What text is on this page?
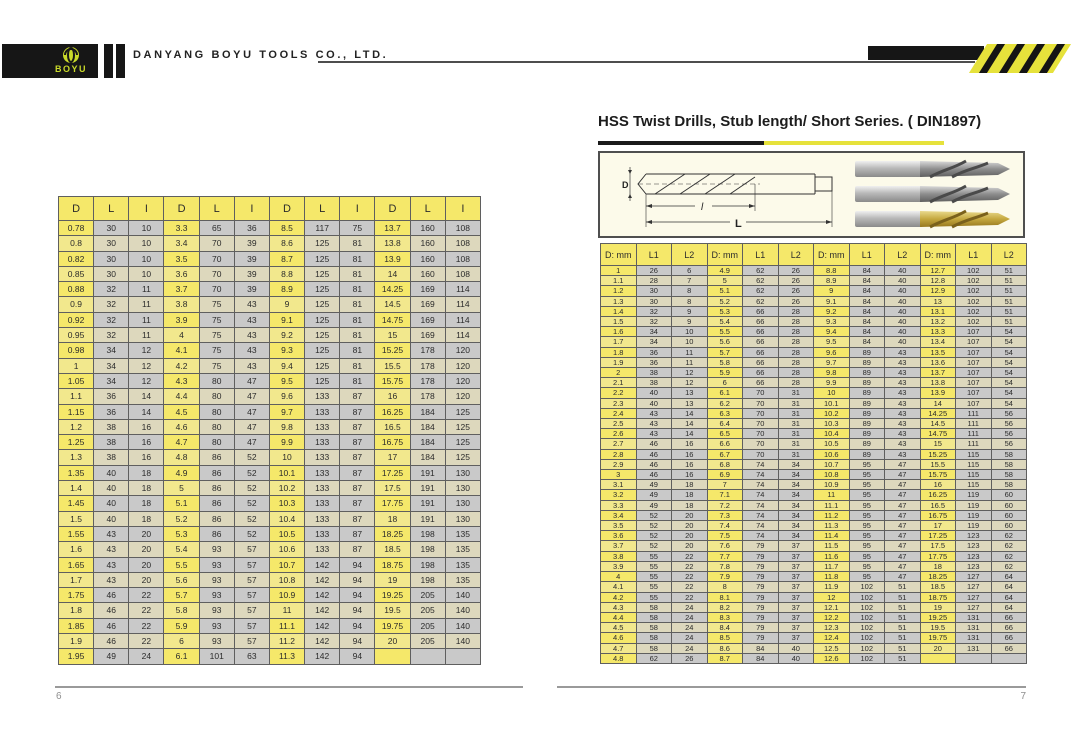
BOYU
DANYANG BOYU TOOLS CO., LTD.
HSS Twist Drills, Stub length/ Short Series. ( DIN1897)
D
l
L
D	L	I	D	L	I	D	L	I	D	L	I
0.78	30	10	3.3	65	36	8.5	117	75	13.7	160	108
0.8	30	10	3.4	70	39	8.6	125	81	13.8	160	108
0.82	30	10	3.5	70	39	8.7	125	81	13.9	160	108
0.85	30	10	3.6	70	39	8.8	125	81	14	160	108
0.88	32	11	3.7	70	39	8.9	125	81	14.25	169	114
0.9	32	11	3.8	75	43	9	125	81	14.5	169	114
0.92	32	11	3.9	75	43	9.1	125	81	14.75	169	114
0.95	32	11	4	75	43	9.2	125	81	15	169	114
0.98	34	12	4.1	75	43	9.3	125	81	15.25	178	120
1	34	12	4.2	75	43	9.4	125	81	15.5	178	120
1.05	34	12	4.3	80	47	9.5	125	81	15.75	178	120
1.1	36	14	4.4	80	47	9.6	133	87	16	178	120
1.15	36	14	4.5	80	47	9.7	133	87	16.25	184	125
1.2	38	16	4.6	80	47	9.8	133	87	16.5	184	125
1.25	38	16	4.7	80	47	9.9	133	87	16.75	184	125
1.3	38	16	4.8	86	52	10	133	87	17	184	125
1.35	40	18	4.9	86	52	10.1	133	87	17.25	191	130
1.4	40	18	5	86	52	10.2	133	87	17.5	191	130
1.45	40	18	5.1	86	52	10.3	133	87	17.75	191	130
1.5	40	18	5.2	86	52	10.4	133	87	18	191	130
1.55	43	20	5.3	86	52	10.5	133	87	18.25	198	135
1.6	43	20	5.4	93	57	10.6	133	87	18.5	198	135
1.65	43	20	5.5	93	57	10.7	142	94	18.75	198	135
1.7	43	20	5.6	93	57	10.8	142	94	19	198	135
1.75	46	22	5.7	93	57	10.9	142	94	19.25	205	140
1.8	46	22	5.8	93	57	11	142	94	19.5	205	140
1.85	46	22	5.9	93	57	11.1	142	94	19.75	205	140
1.9	46	22	6	93	57	11.2	142	94	20	205	140
1.95	49	24	6.1	101	63	11.3	142	94			
D: mm	L1	L2	D: mm	L1	L2	D: mm	L1	L2	D: mm	L1	L2
1	26	6	4.9	62	26	8.8	84	40	12.7	102	51
1.1	28	7	5	62	26	8.9	84	40	12.8	102	51
1.2	30	8	5.1	62	26	9	84	40	12.9	102	51
1.3	30	8	5.2	62	26	9.1	84	40	13	102	51
1.4	32	9	5.3	66	28	9.2	84	40	13.1	102	51
1.5	32	9	5.4	66	28	9.3	84	40	13.2	102	51
1.6	34	10	5.5	66	28	9.4	84	40	13.3	107	54
1.7	34	10	5.6	66	28	9.5	84	40	13.4	107	54
1.8	36	11	5.7	66	28	9.6	89	43	13.5	107	54
1.9	36	11	5.8	66	28	9.7	89	43	13.6	107	54
2	38	12	5.9	66	28	9.8	89	43	13.7	107	54
2.1	38	12	6	66	28	9.9	89	43	13.8	107	54
2.2	40	13	6.1	70	31	10	89	43	13.9	107	54
2.3	40	13	6.2	70	31	10.1	89	43	14	107	54
2.4	43	14	6.3	70	31	10.2	89	43	14.25	111	56
2.5	43	14	6.4	70	31	10.3	89	43	14.5	111	56
2.6	43	14	6.5	70	31	10.4	89	43	14.75	111	56
2.7	46	16	6.6	70	31	10.5	89	43	15	111	56
2.8	46	16	6.7	70	31	10.6	89	43	15.25	115	58
2.9	46	16	6.8	74	34	10.7	95	47	15.5	115	58
3	46	16	6.9	74	34	10.8	95	47	15.75	115	58
3.1	49	18	7	74	34	10.9	95	47	16	115	58
3.2	49	18	7.1	74	34	11	95	47	16.25	119	60
3.3	49	18	7.2	74	34	11.1	95	47	16.5	119	60
3.4	52	20	7.3	74	34	11.2	95	47	16.75	119	60
3.5	52	20	7.4	74	34	11.3	95	47	17	119	60
3.6	52	20	7.5	74	34	11.4	95	47	17.25	123	62
3.7	52	20	7.6	79	37	11.5	95	47	17.5	123	62
3.8	55	22	7.7	79	37	11.6	95	47	17.75	123	62
3.9	55	22	7.8	79	37	11.7	95	47	18	123	62
4	55	22	7.9	79	37	11.8	95	47	18.25	127	64
4.1	55	22	8	79	37	11.9	102	51	18.5	127	64
4.2	55	22	8.1	79	37	12	102	51	18.75	127	64
4.3	58	24	8.2	79	37	12.1	102	51	19	127	64
4.4	58	24	8.3	79	37	12.2	102	51	19.25	131	66
4.5	58	24	8.4	79	37	12.3	102	51	19.5	131	66
4.6	58	24	8.5	79	37	12.4	102	51	19.75	131	66
4.7	58	24	8.6	84	40	12.5	102	51	20	131	66
4.8	62	26	8.7	84	40	12.6	102	51			
6	7
